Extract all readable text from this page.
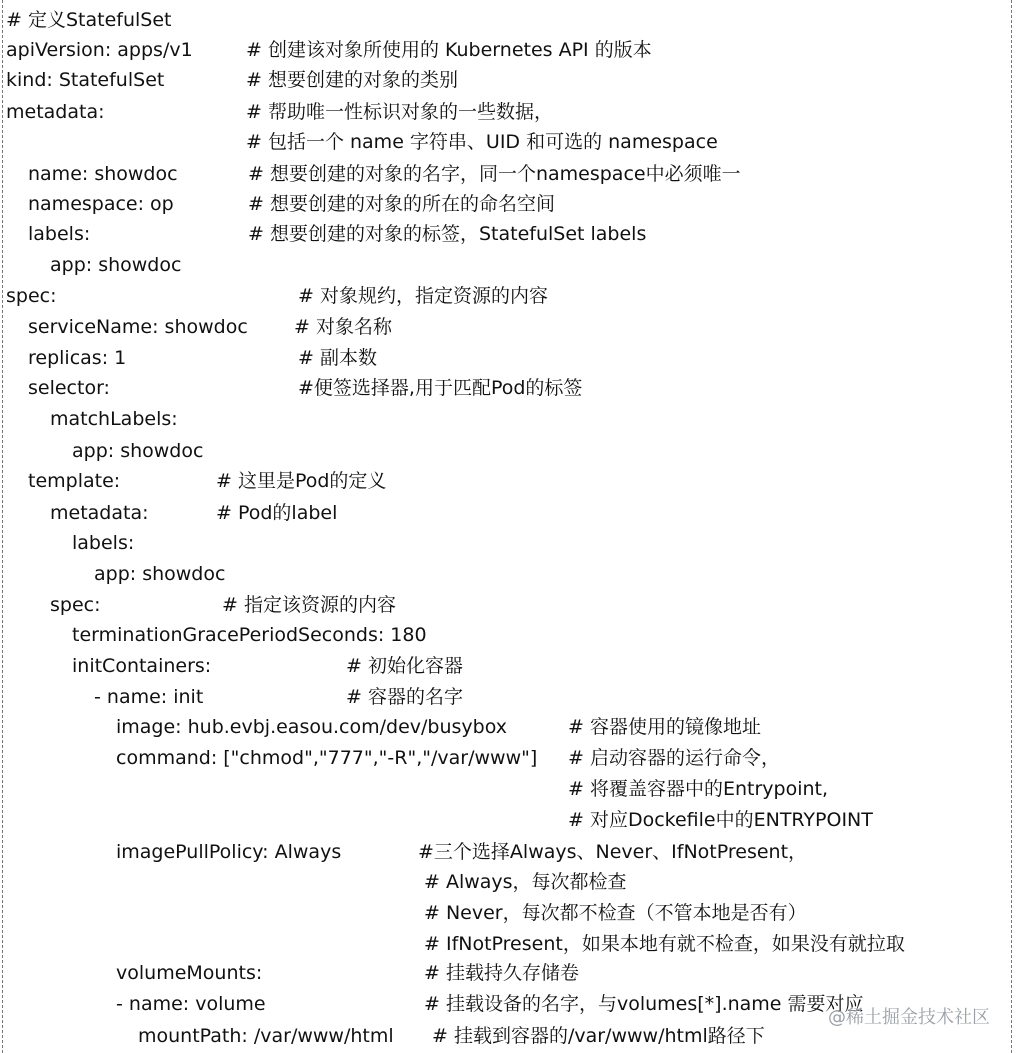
# 定义StatefulSet
apiVersion: apps/v1	# 创建该对象所使用的 Kubernetes API 的版本
kind: StatefulSet	# 想要创建的对象的类别
metadata:	# 帮助唯一性标识对象的一些数据，
# 包括一个 name 字符串、UID 和可选的 namespace
name: showdoc	# 想要创建的对象的名字，同一个namespace中必须唯一
namespace: op	# 想要创建的对象的所在的命名空间
labels:	# 想要创建的对象的标签，StatefulSet labels
app: showdoc
spec:	# 对象规约，指定资源的内容
serviceName: showdoc # 对象名称
replicas: 1	# 副本数
selector:	#便签选择器,用于匹配Pod的标签
matchLabels:
app: showdoc
template:	# 这里是Pod的定义
metadata:	# Pod的label
labels:
app: showdoc
spec:	# 指定该资源的内容
terminationGracePeriodSeconds: 180
initContainers:	# 初始化容器
- name: init	# 容器的名字
image: hub.evbj.easou.com/dev/busybox	# 容器使用的镜像地址
command: ["chmod","777","-R","/var/www"] # 启动容器的运行命令，
# 将覆盖容器中的Entrypoint,
# 对应Dockefile中的ENTRYPOINT
imagePullPolicy: Always	#三个选择Always、Never、IfNotPresent，
# Always，每次都检查
# Never，每次都不检查（不管本地是否有）
# IfNotPresent，如果本地有就不检查，如果没有就拉取
volumeMounts:	# 挂载持久存储卷
- name: volume	# 挂载设备的名字，与volumes[*].name 需要对应
mountPath: /var/www/html # 挂载到容器的/var/www/html路径下
@稀土掘金技术社区
